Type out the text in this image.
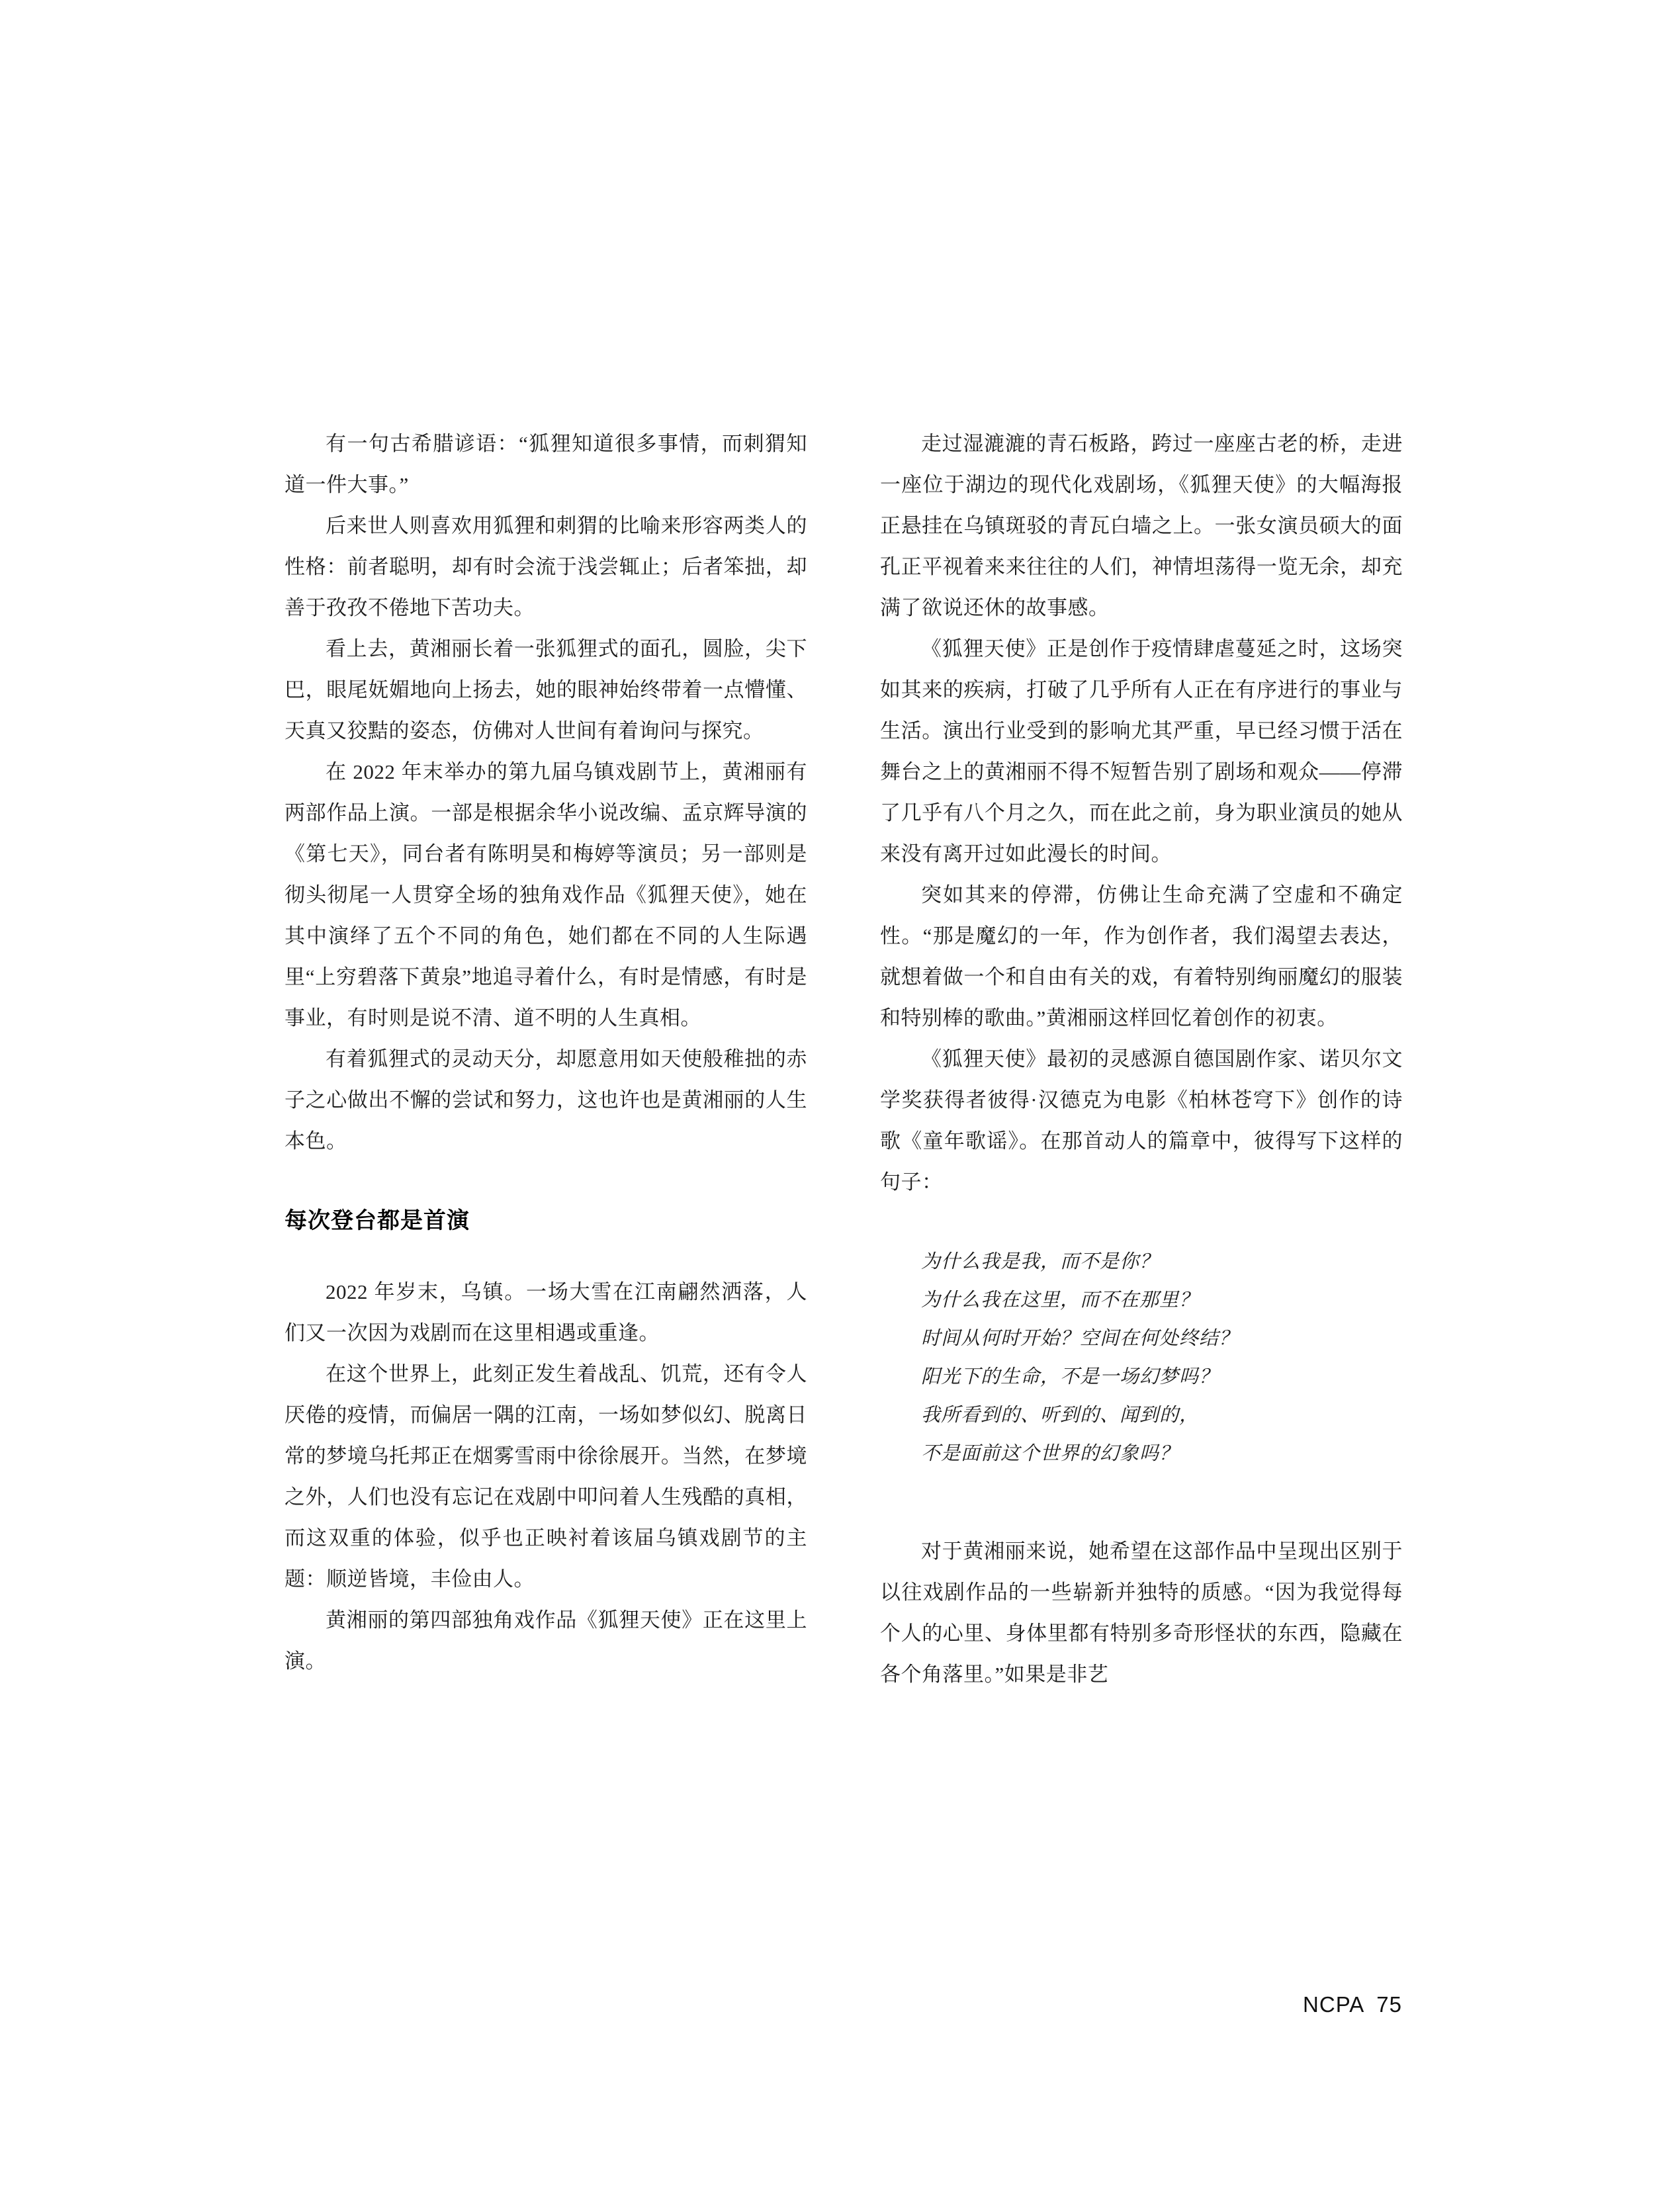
有一句古希腊谚语：“狐狸知道很多事情，而刺猬知道一件大事。”

后来世人则喜欢用狐狸和刺猬的比喻来形容两类人的性格：前者聪明，却有时会流于浅尝辄止；后者笨拙，却善于孜孜不倦地下苦功夫。

看上去，黄湘丽长着一张狐狸式的面孔，圆脸，尖下巴，眼尾妩媚地向上扬去，她的眼神始终带着一点懵懂、天真又狡黠的姿态，仿佛对人世间有着询问与探究。

在 2022 年末举办的第九届乌镇戏剧节上，黄湘丽有两部作品上演。一部是根据余华小说改编、孟京辉导演的《第七天》，同台者有陈明昊和梅婷等演员；另一部则是彻头彻尾一人贯穿全场的独角戏作品《狐狸天使》，她在其中演绎了五个不同的角色，她们都在不同的人生际遇里“上穷碧落下黄泉”地追寻着什么，有时是情感，有时是事业，有时则是说不清、道不明的人生真相。

有着狐狸式的灵动天分，却愿意用如天使般稚拙的赤子之心做出不懈的尝试和努力，这也许也是黄湘丽的人生本色。

每次登台都是首演

2022 年岁末，乌镇。一场大雪在江南翩然洒落，人们又一次因为戏剧而在这里相遇或重逢。

在这个世界上，此刻正发生着战乱、饥荒，还有令人厌倦的疫情，而偏居一隅的江南，一场如梦似幻、脱离日常的梦境乌托邦正在烟雾雪雨中徐徐展开。当然，在梦境之外，人们也没有忘记在戏剧中叩问着人生残酷的真相，而这双重的体验，似乎也正映衬着该届乌镇戏剧节的主题：顺逆皆境，丰俭由人。

黄湘丽的第四部独角戏作品《狐狸天使》正在这里上演。

走过湿漉漉的青石板路，跨过一座座古老的桥，走进一座位于湖边的现代化戏剧场，《狐狸天使》的大幅海报正悬挂在乌镇斑驳的青瓦白墙之上。一张女演员硕大的面孔正平视着来来往往的人们，神情坦荡得一览无余，却充满了欲说还休的故事感。

《狐狸天使》正是创作于疫情肆虐蔓延之时，这场突如其来的疾病，打破了几乎所有人正在有序进行的事业与生活。演出行业受到的影响尤其严重，早已经习惯于活在舞台之上的黄湘丽不得不短暂告别了剧场和观众——停滞了几乎有八个月之久，而在此之前，身为职业演员的她从来没有离开过如此漫长的时间。

突如其来的停滞，仿佛让生命充满了空虚和不确定性。“那是魔幻的一年，作为创作者，我们渴望去表达，就想着做一个和自由有关的戏，有着特别绚丽魔幻的服装和特别棒的歌曲。”黄湘丽这样回忆着创作的初衷。

《狐狸天使》最初的灵感源自德国剧作家、诺贝尔文学奖获得者彼得·汉德克为电影《柏林苍穹下》创作的诗歌《童年歌谣》。在那首动人的篇章中，彼得写下这样的句子：

为什么我是我，而不是你？
为什么我在这里，而不在那里？
时间从何时开始？空间在何处终结？
阳光下的生命，不是一场幻梦吗？
我所看到的、听到的、闻到的，
不是面前这个世界的幻象吗？

对于黄湘丽来说，她希望在这部作品中呈现出区别于以往戏剧作品的一些崭新并独特的质感。“因为我觉得每个人的心里、身体里都有特别多奇形怪状的东西，隐藏在各个角落里。”如果是非艺

NCPA 75
